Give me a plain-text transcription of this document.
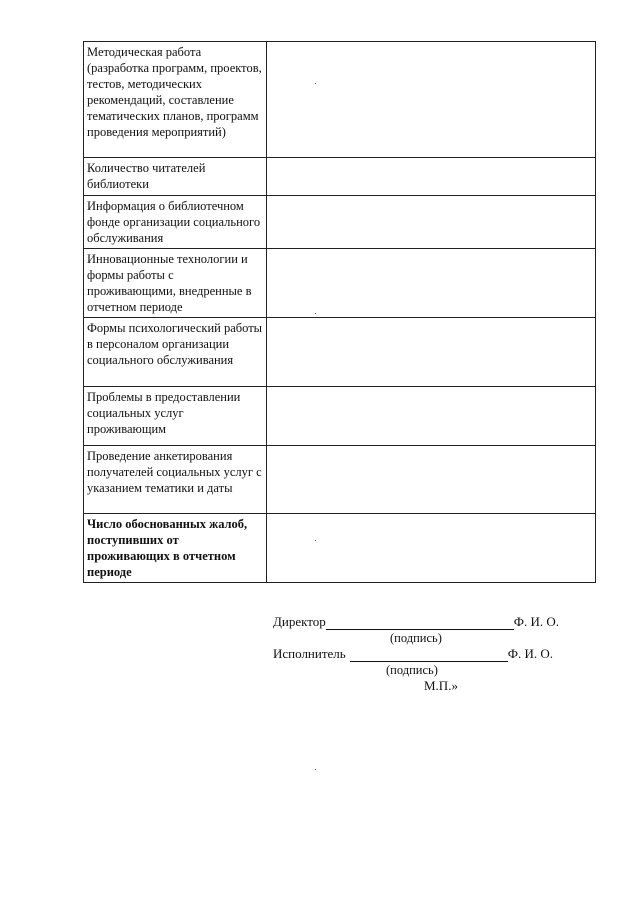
Методическая работа (разработка программ, проектов, тестов, методических рекомендаций, составление тематических планов, программ проведения мероприятий)	
Количество читателей библиотеки	
Информация о библиотечном фонде организации социального обслуживания	
Инновационные технологии и формы работы с проживающими, внедренные в отчетном периоде	
Формы психологический работы в персоналом организации социального обслуживания	
Проблемы в предоставлении социальных услуг проживающим	
Проведение анкетирования получателей социальных услуг с указанием тематики и даты	
Число обоснованных жалоб, поступивших от проживающих в отчетном периоде	
Директор	Ф. И. О.
(подпись)
Исполнитель	Ф. И. О.
(подпись)
М.П.»
